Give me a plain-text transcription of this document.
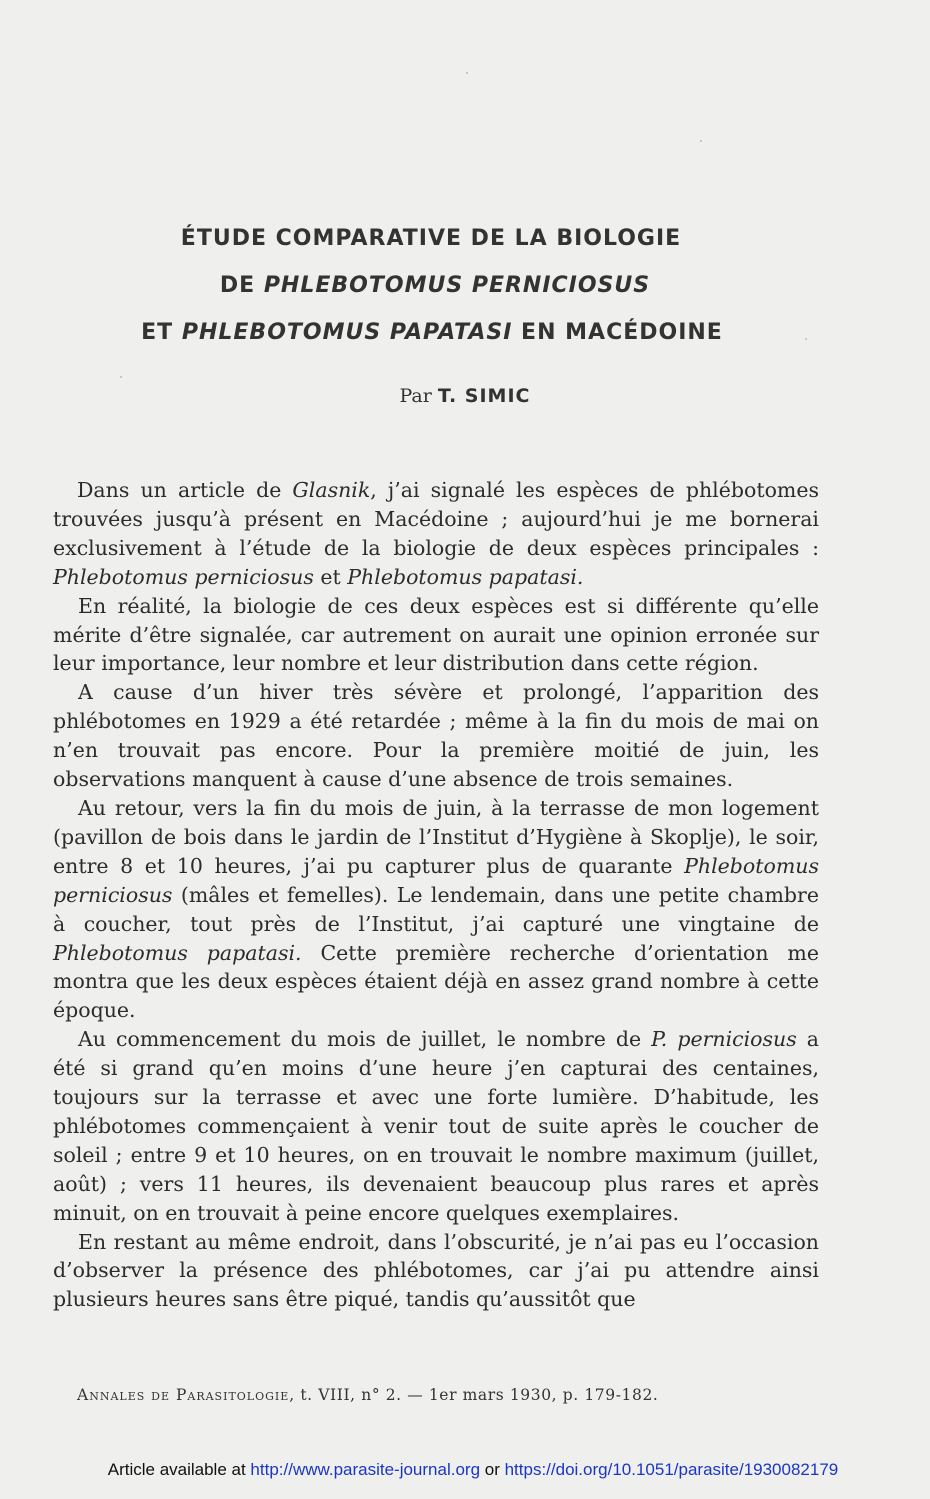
ÉTUDE COMPARATIVE DE LA BIOLOGIE
DE PHLEBOTOMUS PERNICIOSUS
ET PHLEBOTOMUS PAPATASI EN MACÉDOINE
Par T. SIMIC

Dans un article de Glasnik, j’ai signalé les espèces de phlébotomes trouvées jusqu’à présent en Macédoine ; aujourd’hui je me bornerai exclusivement à l’étude de la biologie de deux espèces principales : Phlebotomus perniciosus et Phlebotomus papatasi.

En réalité, la biologie de ces deux espèces est si différente qu’elle mérite d’être signalée, car autrement on aurait une opinion erronée sur leur importance, leur nombre et leur distribution dans cette région.

A cause d’un hiver très sévère et prolongé, l’apparition des phlébotomes en 1929 a été retardée ; même à la fin du mois de mai on n’en trouvait pas encore. Pour la première moitié de juin, les observations manquent à cause d’une absence de trois semaines.

Au retour, vers la fin du mois de juin, à la terrasse de mon logement (pavillon de bois dans le jardin de l’Institut d’Hygiène à Skoplje), le soir, entre 8 et 10 heures, j’ai pu capturer plus de quarante Phlebotomus perniciosus (mâles et femelles). Le lendemain, dans une petite chambre à coucher, tout près de l’Institut, j’ai capturé une vingtaine de Phlebotomus papatasi. Cette première recherche d’orientation me montra que les deux espèces étaient déjà en assez grand nombre à cette époque.

Au commencement du mois de juillet, le nombre de P. perniciosus a été si grand qu’en moins d’une heure j’en capturai des centaines, toujours sur la terrasse et avec une forte lumière. D’habitude, les phlébotomes commençaient à venir tout de suite après le coucher de soleil ; entre 9 et 10 heures, on en trouvait le nombre maximum (juillet, août) ; vers 11 heures, ils devenaient beaucoup plus rares et après minuit, on en trouvait à peine encore quelques exemplaires.

En restant au même endroit, dans l’obscurité, je n’ai pas eu l’occasion d’observer la présence des phlébotomes, car j’ai pu attendre ainsi plusieurs heures sans être piqué, tandis qu’aussitôt que

Annales de Parasitologie, t. VIII, n° 2. — 1er mars 1930, p. 179-182.
Article available at http://www.parasite-journal.org or https://doi.org/10.1051/parasite/1930082179
